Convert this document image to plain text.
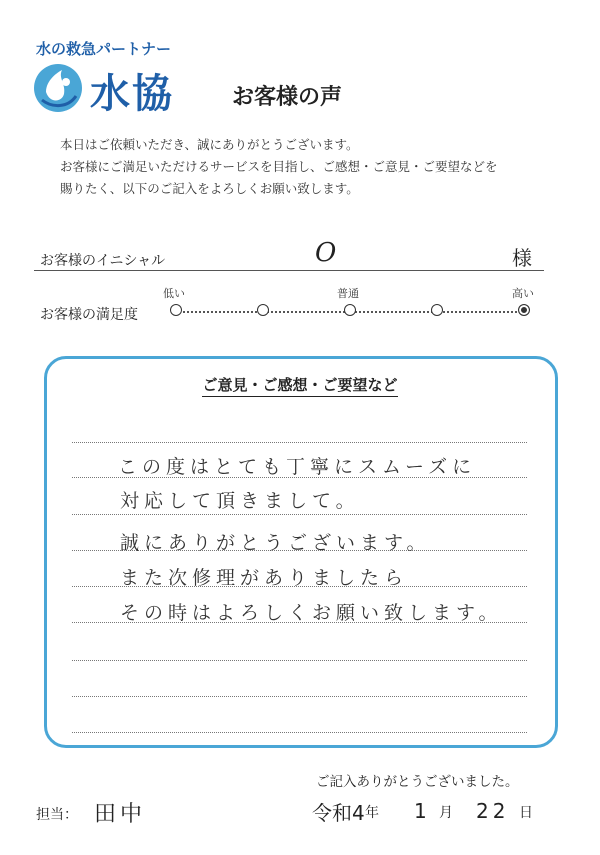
水の救急パートナー
水協	お客様の声
本日はご依頼いただき、誠にありがとうございます。
お客様にご満足いただけるサービスを目指し、ご感想・ご意見・ご要望などを
賜りたく、以下のご記入をよろしくお願い致します。
お客様のイニシャル	O	様
お客様の満足度
低い	普通	高い
ご意見・ご感想・ご要望など
この度はとても丁寧にスムーズに
対応して頂きまして。
誠にありがとうございます。
また次修理がありましたら
その時はよろしくお願い致します。
ご記入ありがとうございました。
担当： 田中	令和4 年 1 月 22 日
